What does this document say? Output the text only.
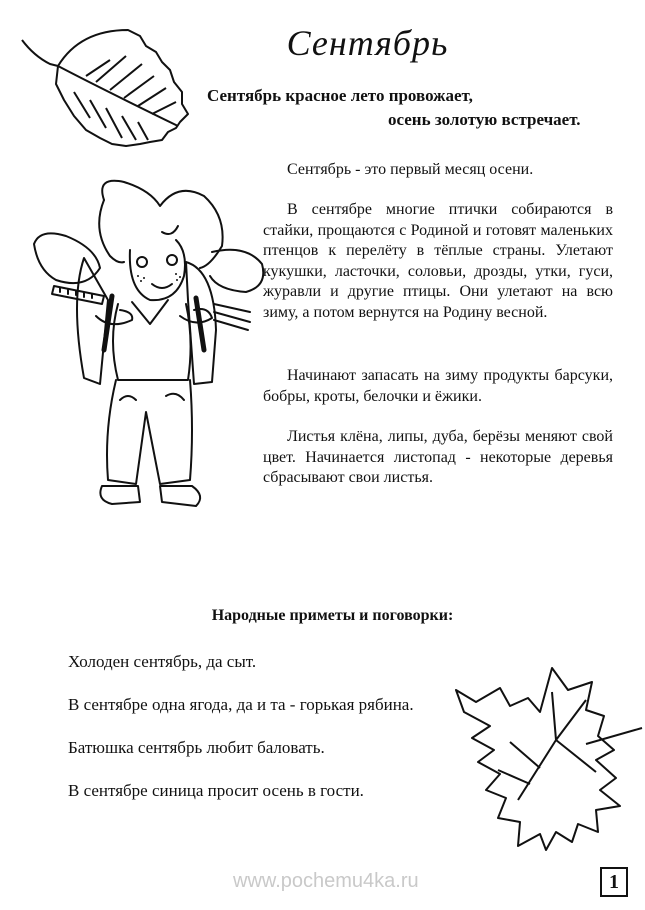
Сентябрь
Сентябрь красное лето провожает,
осень золотую встречает.
Сентябрь - это первый месяц осени.
В сентябре многие птички собираются в стайки, прощаются с Родиной и готовят маленьких птенцов к перелёту в тёплые страны. Улетают кукушки, ласточки, соловьи, дрозды, утки, гуси, журавли и другие птицы. Они улетают на всю зиму, а потом вернутся на Родину весной.
Начинают запасать на зиму продукты барсуки, бобры, кроты, белочки и ёжики.
Листья клёна, липы, дуба, берёзы меняют свой цвет. Начинается листопад - некоторые деревья сбрасывают свои листья.
Народные приметы и поговорки:
Холоден сентябрь, да сыт.
В сентябре одна ягода, да и та - горькая рябина.
Батюшка сентябрь любит баловать.
В сентябре синица просит осень в гости.
www.pochemu4ka.ru	1
